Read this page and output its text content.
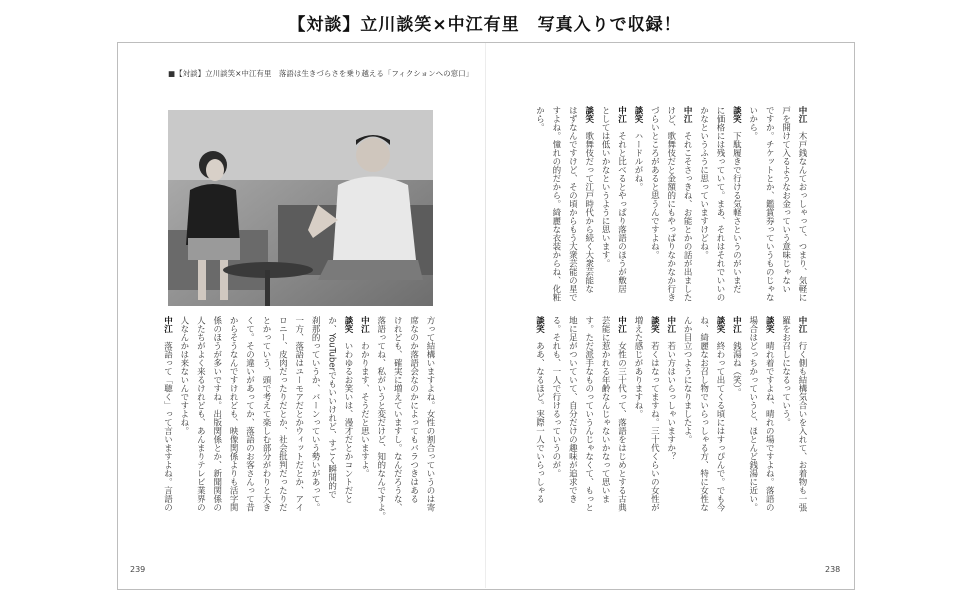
【対談】立川談笑×中江有里　写真入りで収録！
■【対談】立川談笑×中江有里　落語は生きづらさを乗り越える「フィクションへの窓口」
中江　木戸銭なんておっしゃって、つまり、気軽に
戸を開けて入るようなお金っていう意味じゃない
ですか。チケットとか、鑑賞券っていうものじゃな
いから。
談笑　下駄履きで行ける気軽さというのがいまだ
に価格には残っていて。まあ、それはそれでいいの
かなというふうに思っていますけどね。
中江　それこそさっきね、お能とかの話が出ました
けど、歌舞伎だと金額的にもやっぱりなかなか行き
づらいところがあると思うんですよね。
談笑　ハードルがね。
中江　それと比べるとやっぱり落語のほうが敷居
としては低いかなというように思います。
談笑　歌舞伎だって江戸時代から続く大衆芸能な
はずなんですけど、その頃からもう大衆芸能の星で
すよね。憧れの的だから。綺麗な衣装からね、化粧
から。
中江　行く側も結構気合いを入れて、お着物も一張
羅をお召しになるっていう。
談笑　晴れ着ですよね、晴れの場ですよね。落語の
場合はどっちかっていうと、ほとんど銭湯に近い。
中江　銭湯ね（笑）。
談笑　終わって出てくる頃にはすっぴんで。でも今
ね、綺麗なお召し物でいらっしゃる方、特に女性な
んか目立つようになりましたよ。
中江　若い方はいらっしゃいますか？
談笑　若くはなってますね。三十代くらいの女性が
増えた感じがありますね。
中江　女性の三十代って、落語をはじめとする古典
芸能に惹かれる年齢なんじゃないかなって思いま
す。ただ派手なものっていうんじゃなくて、もっと
地に足がついていて、自分だけの趣味が追求でき
る。それも、一人で行けるっていうのが。
談笑　ああ、なるほど。実際一人でいらっしゃる
方って結構いますよね。女性の割合っていうのは寄
席なのか落語会なのかによってもバラつきはある
けれども、確実に増えていますし。なんだろうな、
落語ってね、私がいうと変だけど、知的なんですよ。
中江　わかります、そうだと思いますよ。
談笑　いわゆるお笑いは、漫才だとかコントだと
か、YouTuberでもいいけれど、すごく瞬間的で
刹那的っていうか、バーンっていう勢いがあって。
一方、落語はユーモアだとかウィットだとか、アイ
ロニー、皮肉だったりだとか、社会批判だったりだ
とかっていう、頭で考えて楽しむ部分がわりと大き
くて。その違いがあってか、落語のお客さんって昔
からそうなんですけれども、映像関係よりも活字関
係のほうが多いですね。出版関係とか、新聞関係の
人たちがよく来るけれども、あんまりテレビ業界の
人なんかは来ないんですよね。
中江　落語って「聴く」って言いますよね。言語の
239	238
